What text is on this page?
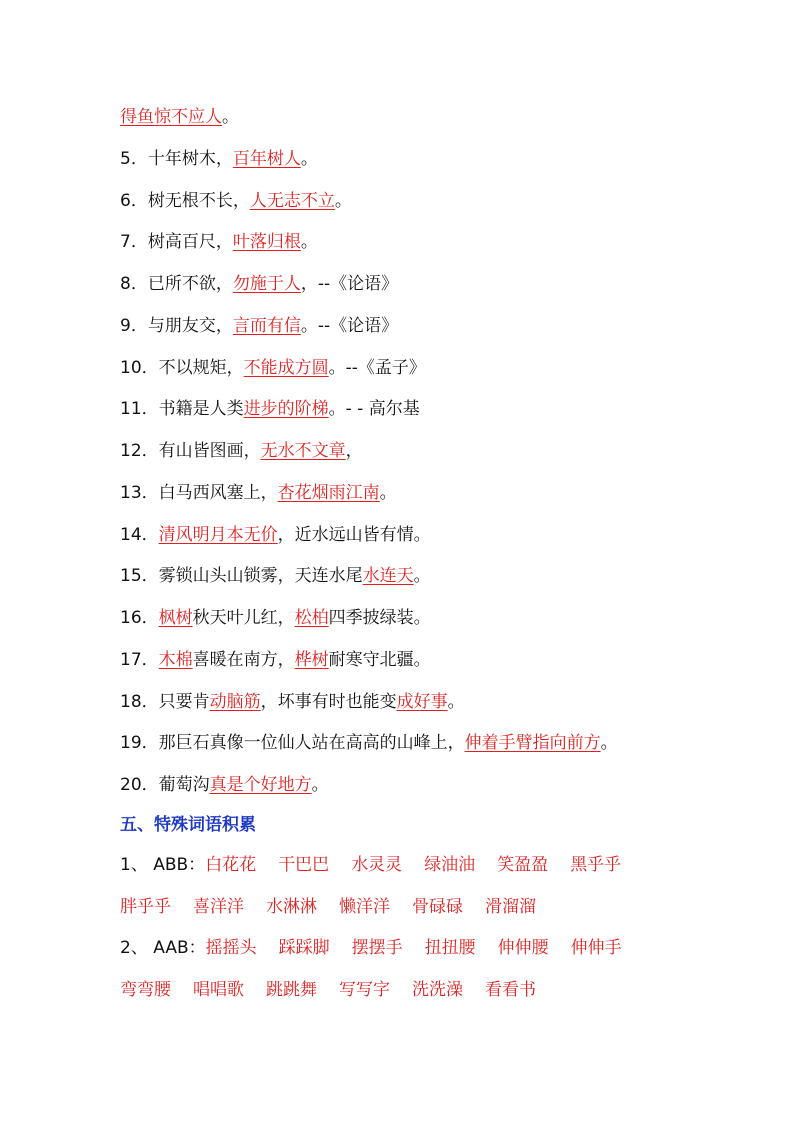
得鱼惊不应人。
5．十年树木，百年树人。
6．树无根不长，人无志不立。
7．树高百尺，叶落归根。
8．已所不欲，勿施于人，--《论语》
9．与朋友交，言而有信。--《论语》
10．不以规矩，不能成方圆。--《孟子》
11．书籍是人类进步的阶梯。- - 高尔基
12．有山皆图画，无水不文章，
13．白马西风塞上，杏花烟雨江南。
14．清风明月本无价，近水远山皆有情。
15．雾锁山头山锁雾，天连水尾水连天。
16．枫树秋天叶儿红，松柏四季披绿装。
17．木棉喜暖在南方，桦树耐寒守北疆。
18．只要肯动脑筋，坏事有时也能变成好事。
19．那巨石真像一位仙人站在高高的山峰上，伸着手臂指向前方。
20．葡萄沟真是个好地方。
五、特殊词语积累
1、 ABB：白花花 干巴巴 水灵灵 绿油油 笑盈盈 黑乎乎
胖乎乎 喜洋洋 水淋淋 懒洋洋 骨碌碌 滑溜溜
2、 AAB：摇摇头 踩踩脚 摆摆手 扭扭腰 伸伸腰 伸伸手
弯弯腰 唱唱歌 跳跳舞 写写字 洗洗澡 看看书
